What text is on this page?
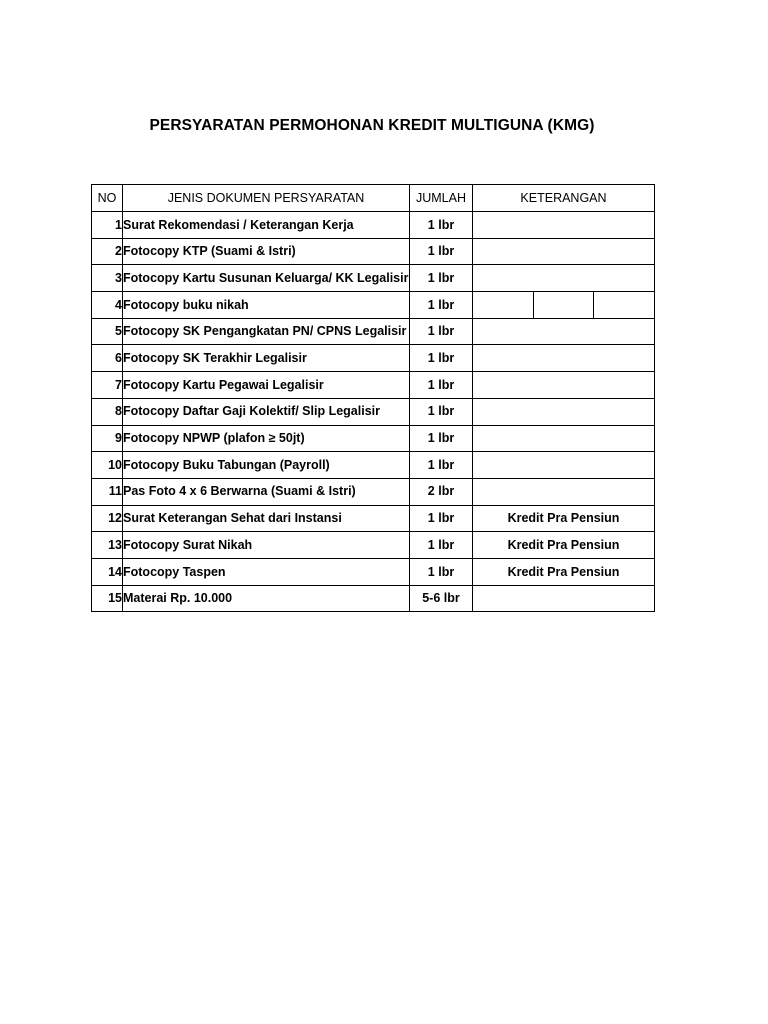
PERSYARATAN PERMOHONAN KREDIT MULTIGUNA (KMG)
NO	JENIS DOKUMEN PERSYARATAN	JUMLAH	KETERANGAN
1	Surat Rekomendasi / Keterangan Kerja	1 lbr	
2	Fotocopy KTP (Suami & Istri)	1 lbr	
3	Fotocopy Kartu Susunan Keluarga/ KK Legalisir	1 lbr	
4	Fotocopy buku nikah	1 lbr	

5	Fotocopy SK Pengangkatan PN/ CPNS Legalisir	1 lbr	
6	Fotocopy SK Terakhir Legalisir	1 lbr	
7	Fotocopy Kartu Pegawai Legalisir	1 lbr	
8	Fotocopy Daftar Gaji Kolektif/ Slip Legalisir	1 lbr	
9	Fotocopy NPWP (plafon ≥ 50jt)	1 lbr	
10	Fotocopy Buku Tabungan (Payroll)	1 lbr	
11	Pas Foto 4 x 6 Berwarna (Suami & Istri)	2 lbr	
12	Surat Keterangan Sehat dari Instansi	1 lbr	Kredit Pra Pensiun
13	Fotocopy Surat Nikah	1 lbr	Kredit Pra Pensiun
14	Fotocopy Taspen	1 lbr	Kredit Pra Pensiun
15	Materai Rp. 10.000	5-6 lbr	
